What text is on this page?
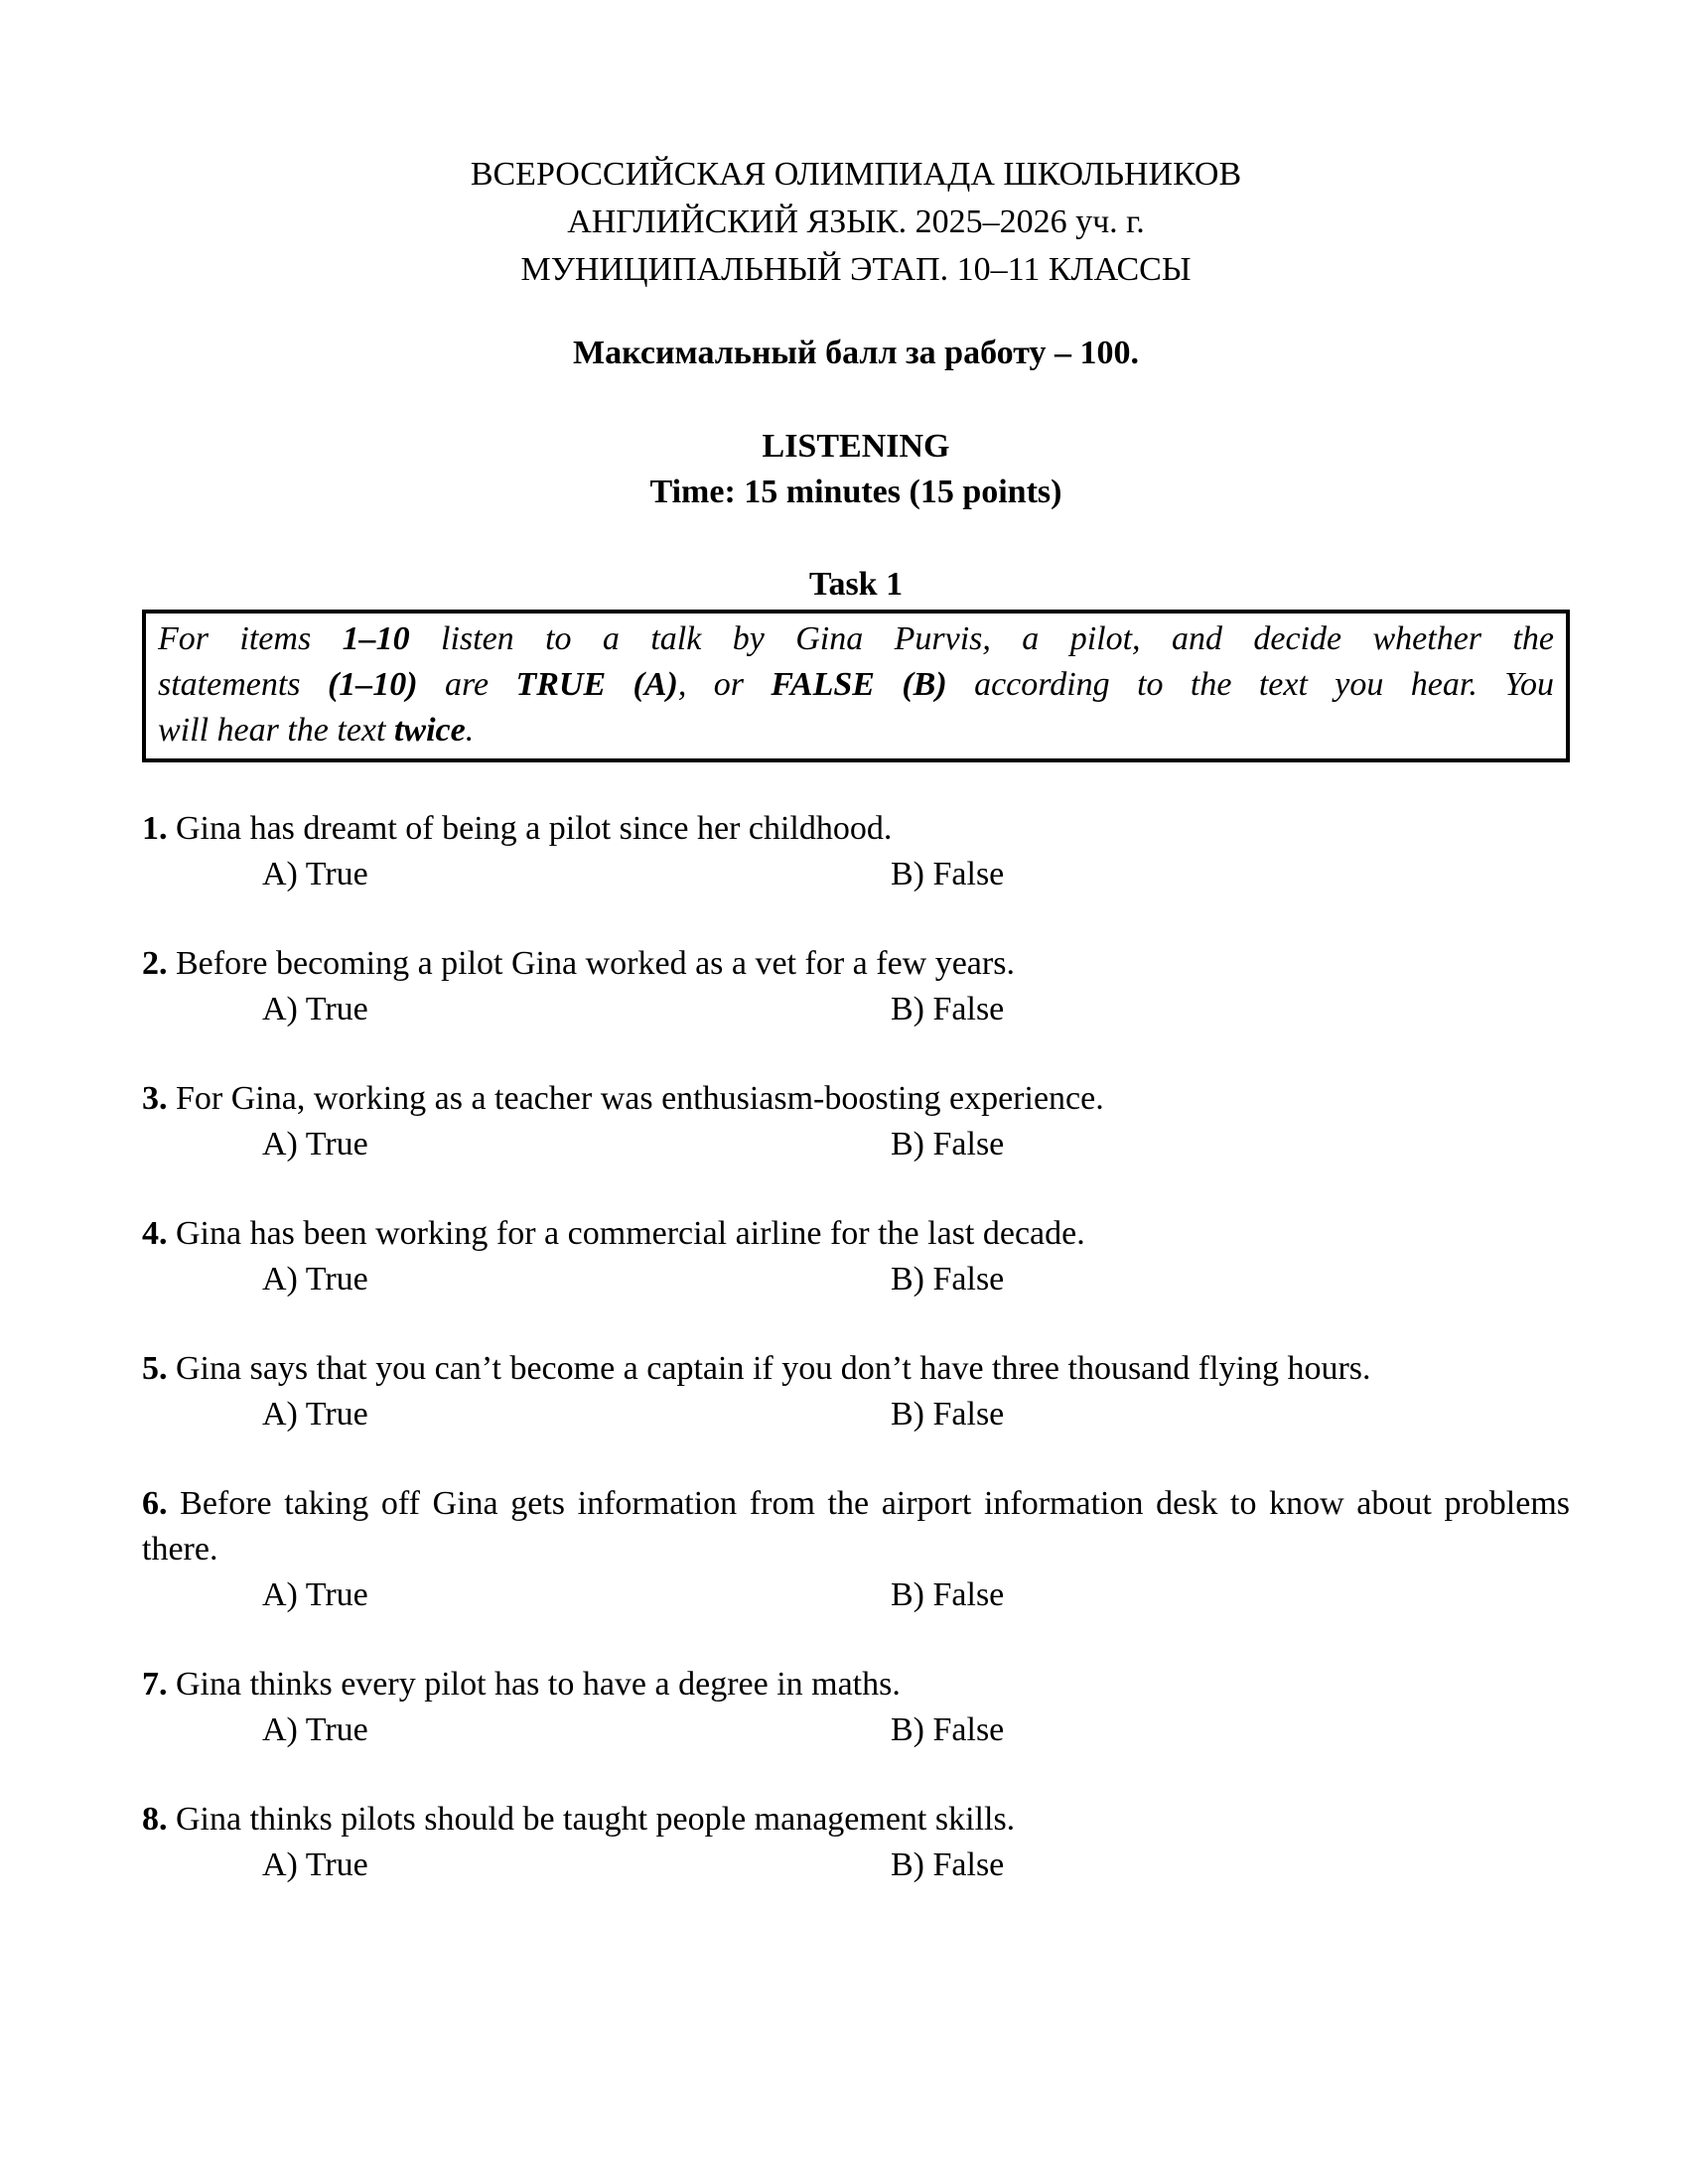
ВСЕРОССИЙСКАЯ ОЛИМПИАДА ШКОЛЬНИКОВ
АНГЛИЙСКИЙ ЯЗЫК. 2025–2026 уч. г.
МУНИЦИПАЛЬНЫЙ ЭТАП. 10–11 КЛАССЫ
Максимальный балл за работу – 100.
LISTENING
Time: 15 minutes (15 points)
Task 1
For items 1–10 listen to a talk by Gina Purvis, a pilot, and decide whether the
statements (1–10) are TRUE (A), or FALSE (B) according to the text you hear. You
will hear the text twice.
1. Gina has dreamt of being a pilot since her childhood.
A) True	B) False
2. Before becoming a pilot Gina worked as a vet for a few years.
A) True	B) False
3. For Gina, working as a teacher was enthusiasm-boosting experience.
A) True	B) False
4. Gina has been working for a commercial airline for the last decade.
A) True	B) False
5. Gina says that you can’t become a captain if you don’t have three thousand flying hours.
A) True	B) False
6. Before taking off Gina gets information from the airport information desk to know about problems there.
A) True	B) False
7. Gina thinks every pilot has to have a degree in maths.
A) True	B) False
8. Gina thinks pilots should be taught people management skills.
A) True	B) False
